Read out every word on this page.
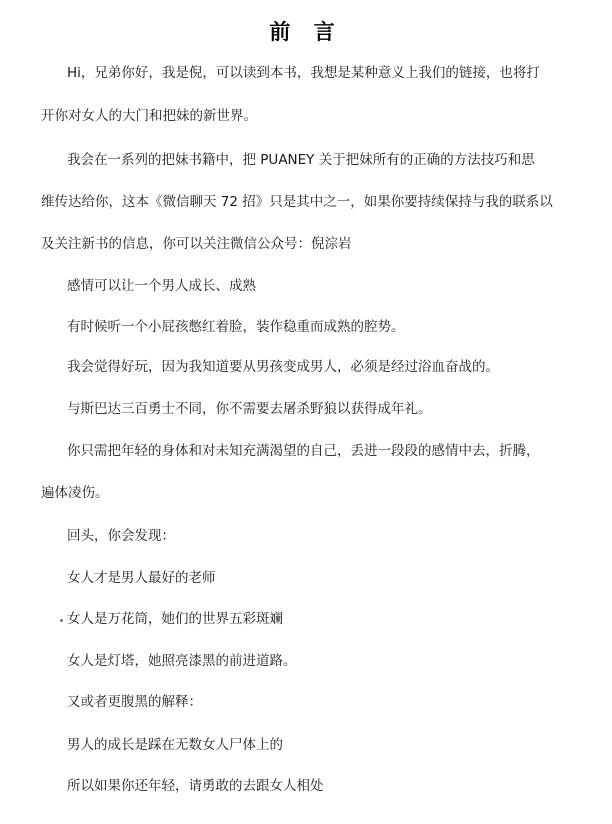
前 言
Hi，兄弟你好，我是倪，可以读到本书，我想是某种意义上我们的链接，也将打
开你对女人的大门和把妹的新世界。
我会在一系列的把妹书籍中，把 PUANEY 关于把妹所有的正确的方法技巧和思
维传达给你，这本《微信聊天 72 招》只是其中之一，如果你要持续保持与我的联系以
及关注新书的信息，你可以关注微信公众号：倪淙岩
感情可以让一个男人成长、成熟
有时候听一个小屁孩憋红着脸，装作稳重而成熟的腔势。
我会觉得好玩，因为我知道要从男孩变成男人，必须是经过浴血奋战的。
与斯巴达三百勇士不同，你不需要去屠杀野狼以获得成年礼。
你只需把年轻的身体和对未知充满渴望的自己，丢进一段段的感情中去，折腾，
遍体凌伤。
回头，你会发现：
女人才是男人最好的老师
女人是万花筒，她们的世界五彩斑斓
女人是灯塔，她照亮漆黑的前进道路。
又或者更腹黑的解释：
男人的成长是踩在无数女人尸体上的
所以如果你还年轻，请勇敢的去跟女人相处
